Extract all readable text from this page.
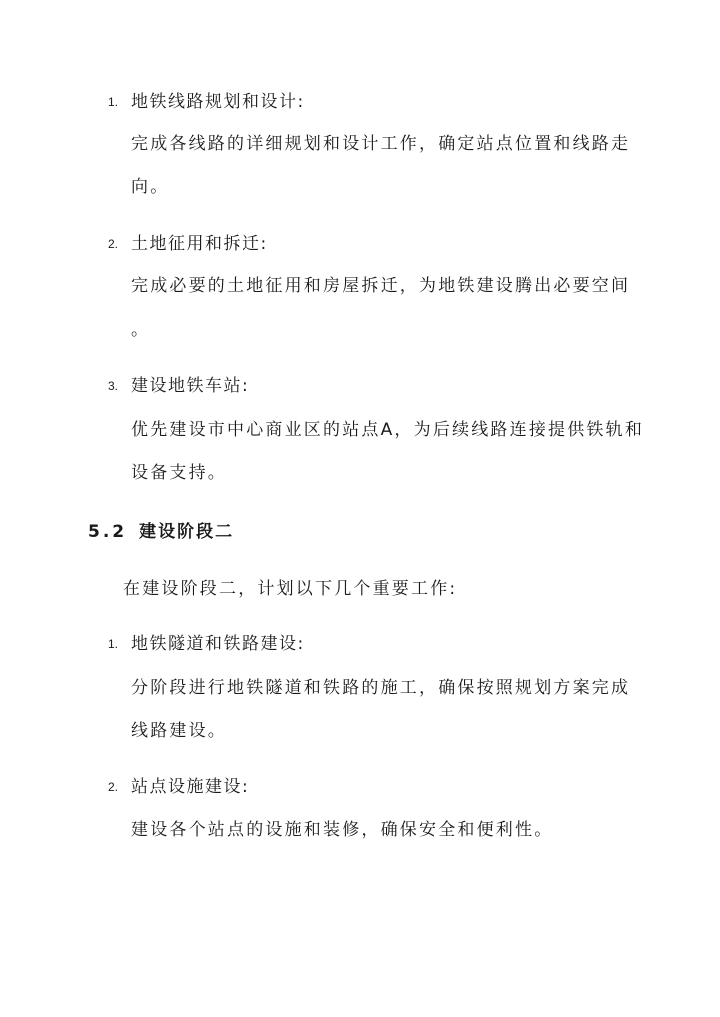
1. 地铁线路规划和设计:
完成各线路的详细规划和设计工作，确定站点位置和线路走
向。
2. 土地征用和拆迁:
完成必要的土地征用和房屋拆迁，为地铁建设腾出必要空间
。
3. 建设地铁车站:
优先建设市中心商业区的站点A，为后续线路连接提供铁轨和
设备支持。
5.2 建设阶段二
在建设阶段二，计划以下几个重要工作:
1. 地铁隧道和铁路建设:
分阶段进行地铁隧道和铁路的施工，确保按照规划方案完成
线路建设。
2. 站点设施建设:
建设各个站点的设施和装修，确保安全和便利性。
